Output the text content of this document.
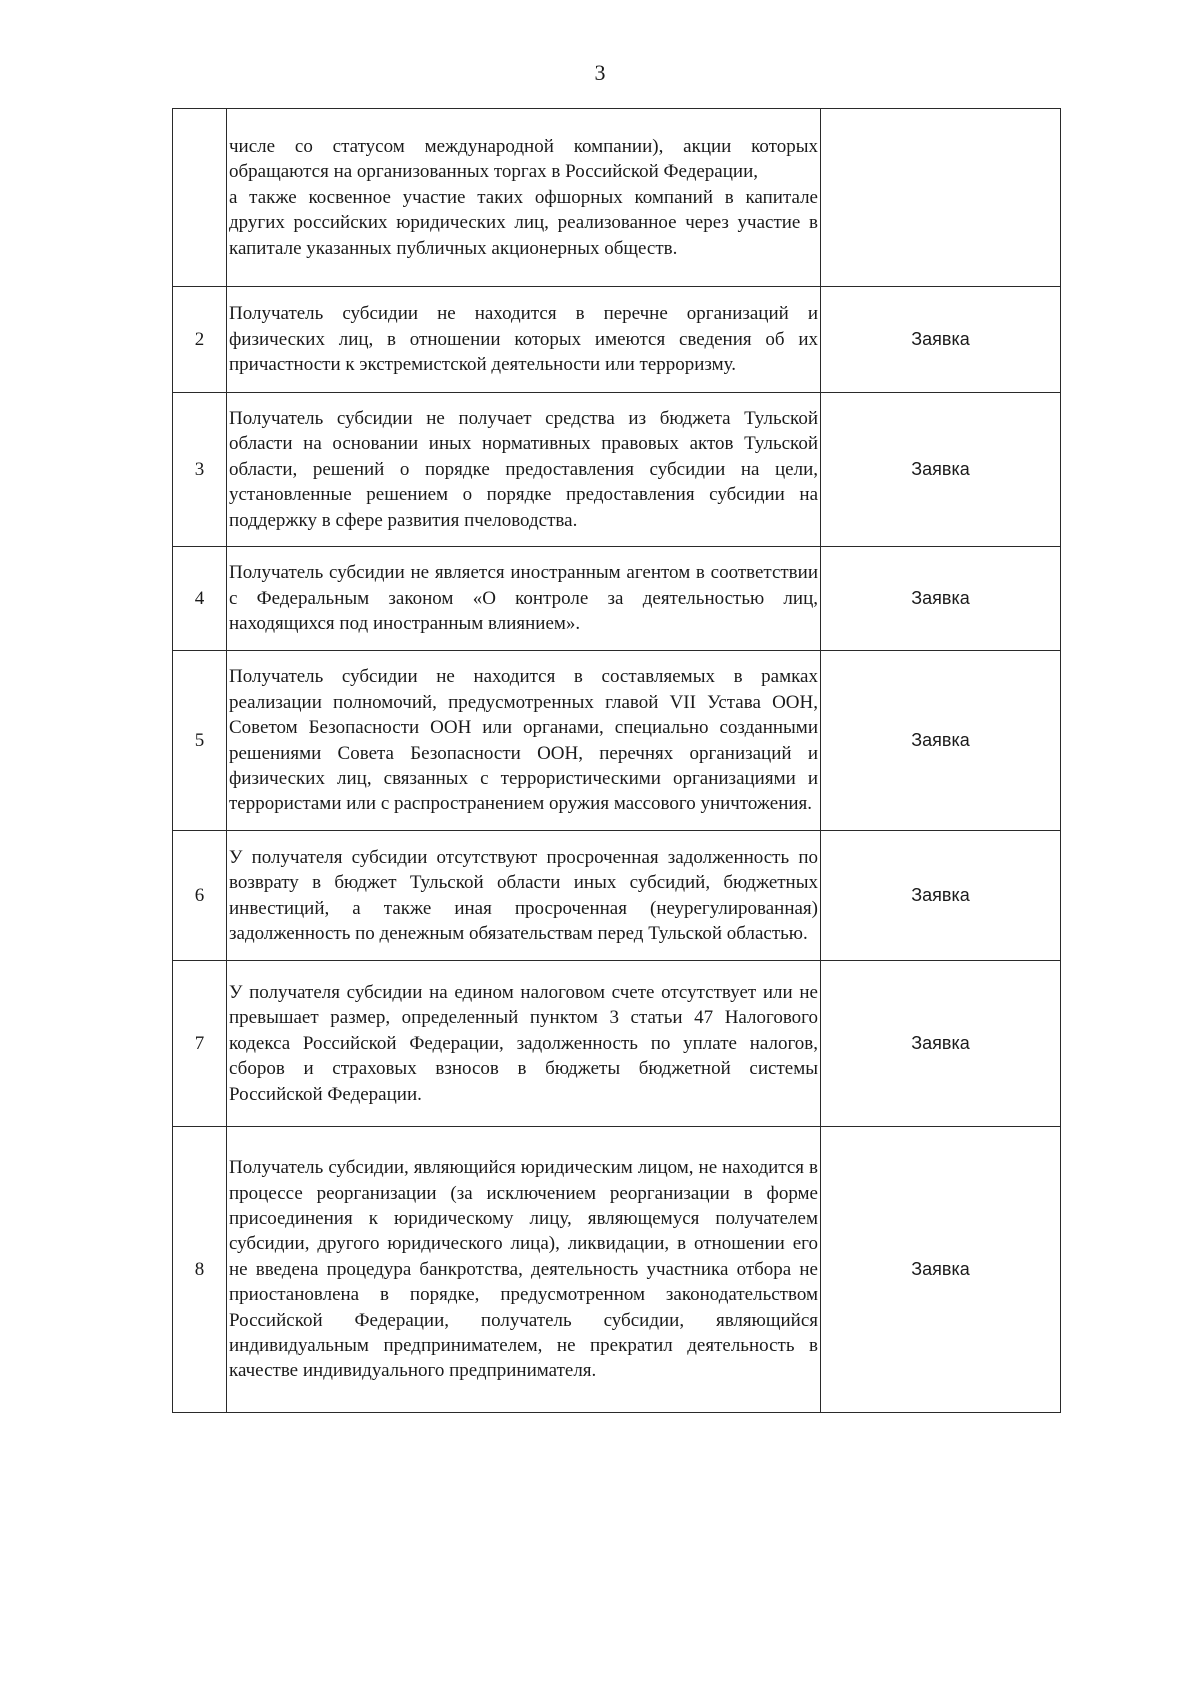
3

	числе со статусом международной компании), акции которых обращаются на организованных торгах в Российской Федерации,
а также косвенное участие таких офшорных компаний в капитале других российских юридических лиц, реализованное через участие в капитале указанных публичных акционерных обществ.	

2	Получатель субсидии не находится в перечне организаций и физических лиц, в отношении которых имеются сведения об их причастности к экстремистской деятельности или терроризму.	Заявка
3	Получатель субсидии не получает средства из бюджета Тульской области на основании иных нормативных правовых актов Тульской области, решений о порядке предоставления субсидии на цели, установленные решением о порядке предоставления субсидии на поддержку в сфере развития пчеловодства.	Заявка
4	Получатель субсидии не является иностранным агентом в соответствии с Федеральным законом «О контроле за деятельностью лиц, находящихся под иностранным влиянием».	Заявка
5	Получатель субсидии не находится в составляемых в рамках реализации полномочий, предусмотренных главой VII Устава ООН, Советом Безопасности ООН или органами, специально созданными решениями Совета Безопасности ООН, перечнях организаций и физических лиц, связанных с террористическими организациями и террористами или с распространением оружия массового уничтожения.	Заявка
6	У получателя субсидии отсутствуют просроченная задолженность по возврату в бюджет Тульской области иных субсидий, бюджетных инвестиций, а также иная просроченная (неурегулированная) задолженность по денежным обязательствам перед Тульской областью.	Заявка
7	У получателя субсидии на едином налоговом счете отсутствует или не превышает размер, определенный пунктом 3 статьи 47 Налогового кодекса Российской Федерации, задолженность по уплате налогов, сборов и страховых взносов в бюджеты бюджетной системы Российской Федерации.	Заявка
8	Получатель субсидии, являющийся юридическим лицом, не находится в процессе реорганизации (за исключением реорганизации в форме присоединения к юридическому лицу, являющемуся получателем субсидии, другого юридического лица), ликвидации, в отношении его не введена процедура банкротства, деятельность участника отбора не приостановлена в порядке, предусмотренном законодательством Российской Федерации, получатель субсидии, являющийся индивидуальным предпринимателем, не прекратил деятельность в качестве индивидуального предпринимателя.	Заявка
